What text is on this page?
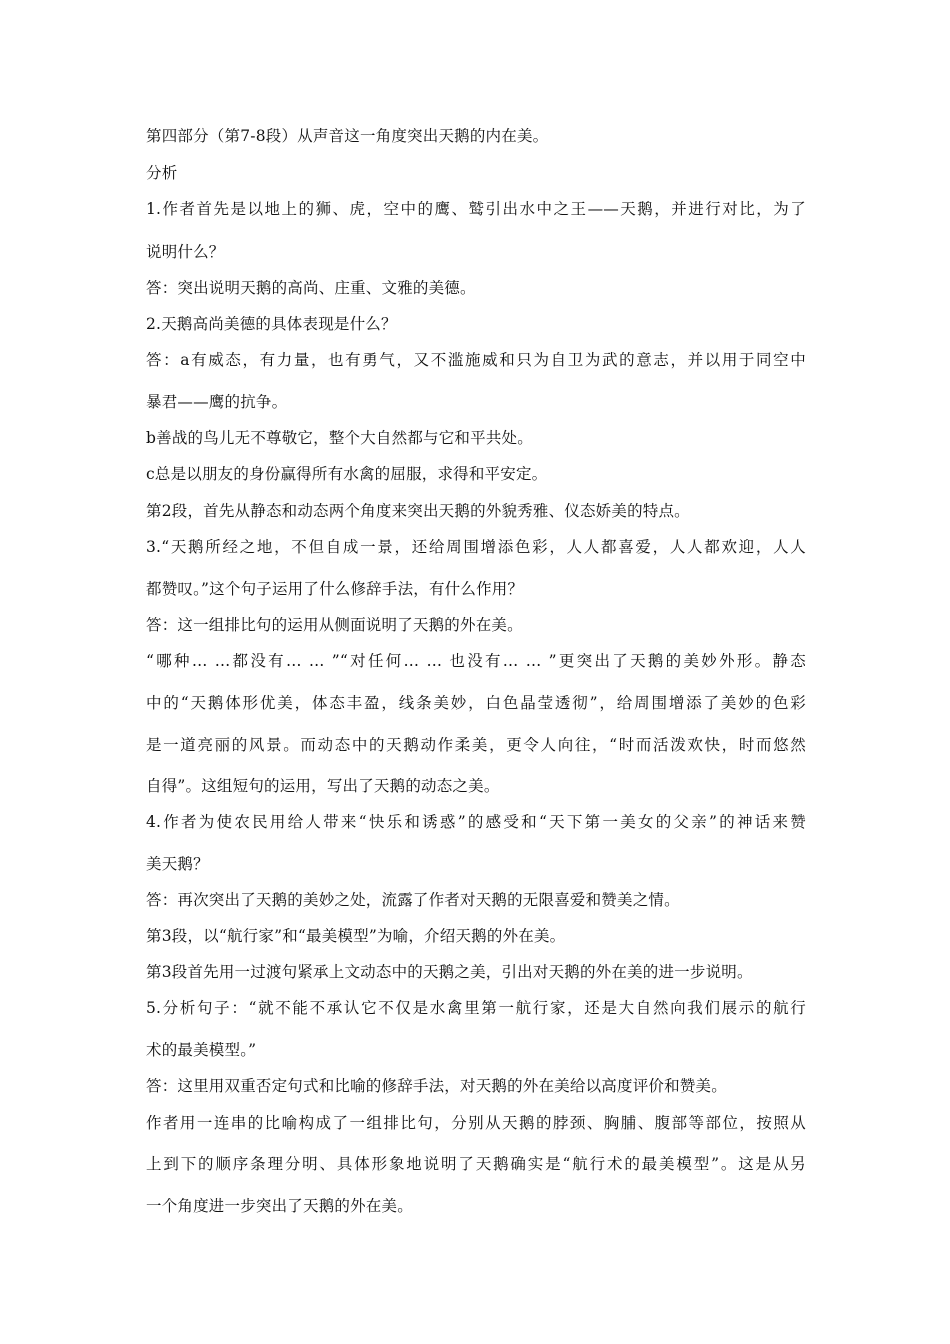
第四部分（第7-8段）从声音这一角度突出天鹅的内在美。

分析

1.作者首先是以地上的狮、虎，空中的鹰、鹫引出水中之王——天鹅，并进行对比，为了

说明什么？

答：突出说明天鹅的高尚、庄重、文雅的美德。

2.天鹅高尚美德的具体表现是什么？

答：a有威态，有力量，也有勇气，又不滥施威和只为自卫为武的意志，并以用于同空中

暴君——鹰的抗争。

b善战的鸟儿无不尊敬它，整个大自然都与它和平共处。

c总是以朋友的身份赢得所有水禽的屈服，求得和平安定。

第2段，首先从静态和动态两个角度来突出天鹅的外貌秀雅、仪态娇美的特点。

3.“天鹅所经之地，不但自成一景，还给周围增添色彩，人人都喜爱，人人都欢迎，人人

都赞叹。”这个句子运用了什么修辞手法，有什么作用？

答：这一组排比句的运用从侧面说明了天鹅的外在美。

“哪种… …都没有… … ”“对任何… … 也没有… … ”更突出了天鹅的美妙外形。静态

中的“天鹅体形优美，体态丰盈，线条美妙，白色晶莹透彻”，给周围增添了美妙的色彩

是一道亮丽的风景。而动态中的天鹅动作柔美，更令人向往，“时而活泼欢快，时而悠然

自得”。这组短句的运用，写出了天鹅的动态之美。

4.作者为使农民用给人带来“快乐和诱惑”的感受和“天下第一美女的父亲”的神话来赞

美天鹅？

答：再次突出了天鹅的美妙之处，流露了作者对天鹅的无限喜爱和赞美之情。

第3段，以“航行家”和“最美模型”为喻，介绍天鹅的外在美。

第3段首先用一过渡句紧承上文动态中的天鹅之美，引出对天鹅的外在美的进一步说明。

5.分析句子：“就不能不承认它不仅是水禽里第一航行家，还是大自然向我们展示的航行

术的最美模型。”

答：这里用双重否定句式和比喻的修辞手法，对天鹅的外在美给以高度评价和赞美。

作者用一连串的比喻构成了一组排比句，分别从天鹅的脖颈、胸脯、腹部等部位，按照从

上到下的顺序条理分明、具体形象地说明了天鹅确实是“航行术的最美模型”。这是从另

一个角度进一步突出了天鹅的外在美。
